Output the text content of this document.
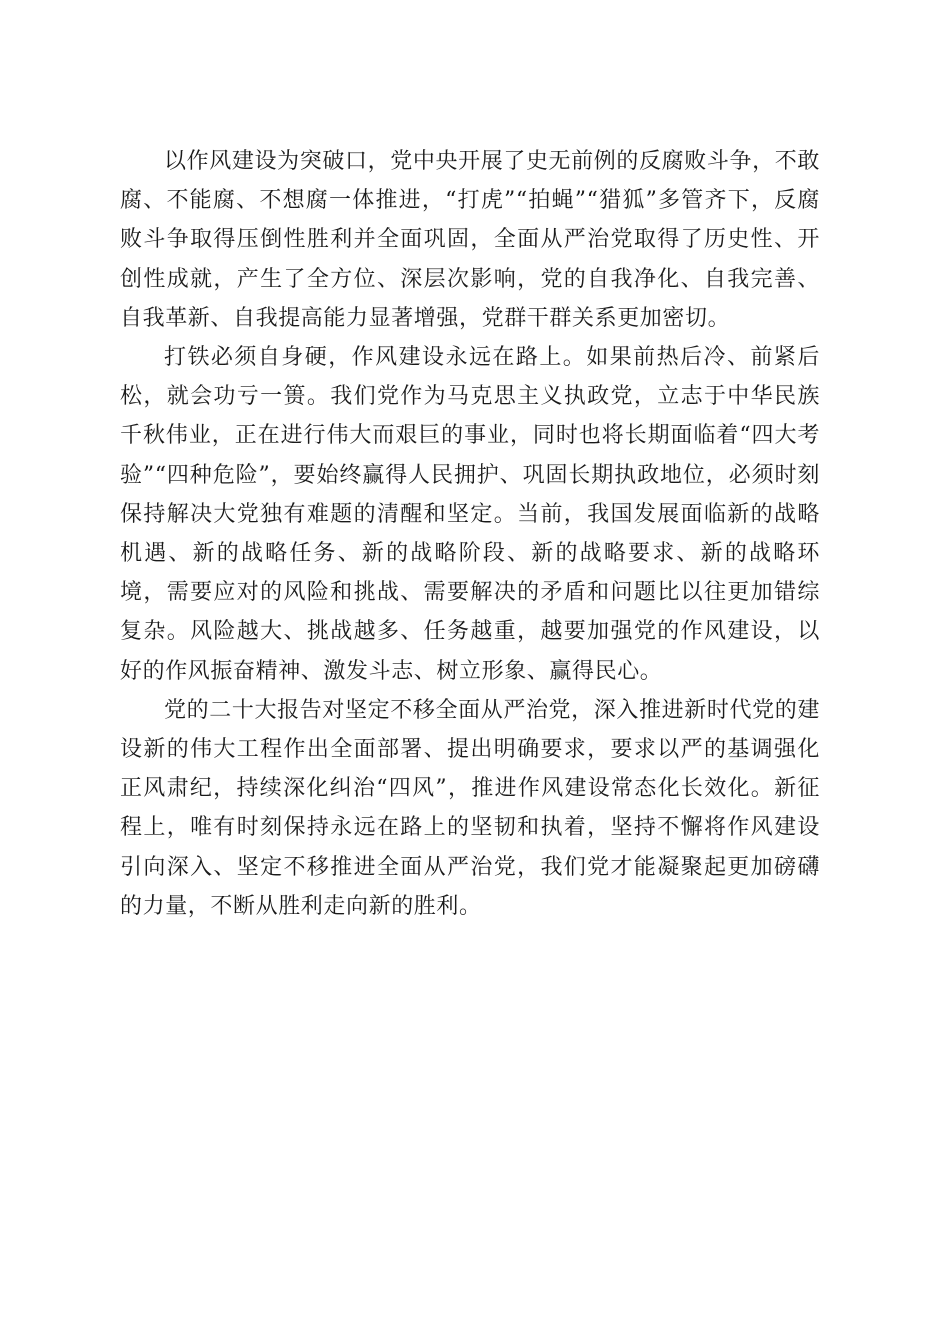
以作风建设为突破口，党中央开展了史无前例的反腐败斗争，不敢腐、不能腐、不想腐一体推进，“打虎”“拍蝇”“猎狐”多管齐下，反腐败斗争取得压倒性胜利并全面巩固，全面从严治党取得了历史性、开创性成就，产生了全方位、深层次影响，党的自我净化、自我完善、自我革新、自我提高能力显著增强，党群干群关系更加密切。

打铁必须自身硬，作风建设永远在路上。如果前热后冷、前紧后松，就会功亏一篑。我们党作为马克思主义执政党，立志于中华民族千秋伟业，正在进行伟大而艰巨的事业，同时也将长期面临着“四大考验”“四种危险”，要始终赢得人民拥护、巩固长期执政地位，必须时刻保持解决大党独有难题的清醒和坚定。当前，我国发展面临新的战略机遇、新的战略任务、新的战略阶段、新的战略要求、新的战略环境，需要应对的风险和挑战、需要解决的矛盾和问题比以往更加错综复杂。风险越大、挑战越多、任务越重，越要加强党的作风建设，以好的作风振奋精神、激发斗志、树立形象、赢得民心。

党的二十大报告对坚定不移全面从严治党，深入推进新时代党的建设新的伟大工程作出全面部署、提出明确要求，要求以严的基调强化正风肃纪，持续深化纠治“四风”，推进作风建设常态化长效化。新征程上，唯有时刻保持永远在路上的坚韧和执着，坚持不懈将作风建设引向深入、坚定不移推进全面从严治党，我们党才能凝聚起更加磅礴的力量，不断从胜利走向新的胜利。
